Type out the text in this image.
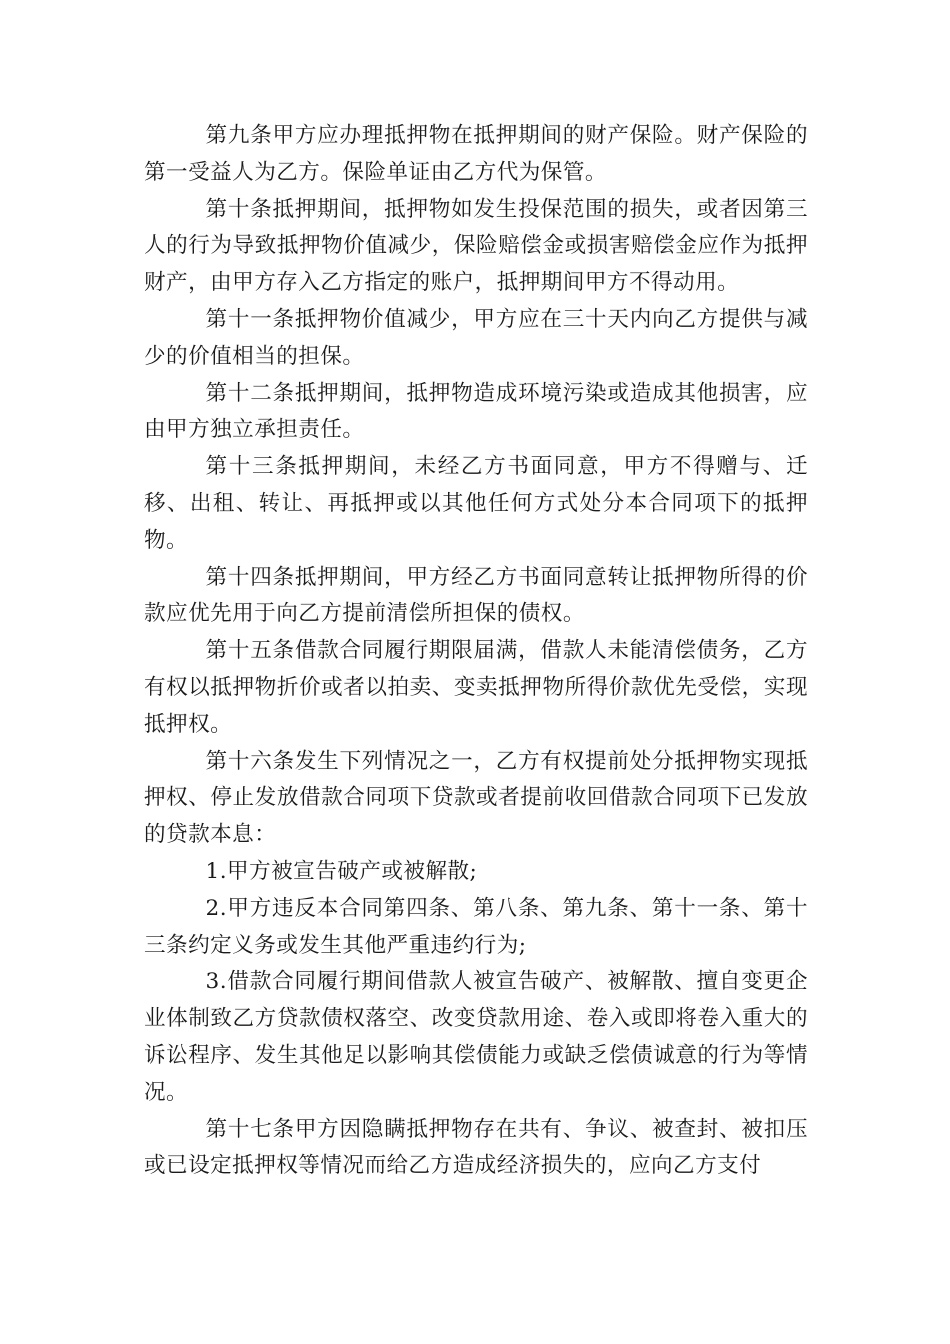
第九条甲方应办理抵押物在抵押期间的财产保险。财产保险的第一受益人为乙方。保险单证由乙方代为保管。

第十条抵押期间，抵押物如发生投保范围的损失，或者因第三人的行为导致抵押物价值减少，保险赔偿金或损害赔偿金应作为抵押财产，由甲方存入乙方指定的账户，抵押期间甲方不得动用。

第十一条抵押物价值减少，甲方应在三十天内向乙方提供与减少的价值相当的担保。

第十二条抵押期间，抵押物造成环境污染或造成其他损害，应由甲方独立承担责任。

第十三条抵押期间，未经乙方书面同意，甲方不得赠与、迁移、出租、转让、再抵押或以其他任何方式处分本合同项下的抵押物。

第十四条抵押期间，甲方经乙方书面同意转让抵押物所得的价款应优先用于向乙方提前清偿所担保的债权。

第十五条借款合同履行期限届满，借款人未能清偿债务，乙方有权以抵押物折价或者以拍卖、变卖抵押物所得价款优先受偿，实现抵押权。

第十六条发生下列情况之一，乙方有权提前处分抵押物实现抵押权、停止发放借款合同项下贷款或者提前收回借款合同项下已发放的贷款本息：

1.甲方被宣告破产或被解散;

2.甲方违反本合同第四条、第八条、第九条、第十一条、第十三条约定义务或发生其他严重违约行为;

3.借款合同履行期间借款人被宣告破产、被解散、擅自变更企业体制致乙方贷款债权落空、改变贷款用途、卷入或即将卷入重大的诉讼程序、发生其他足以影响其偿债能力或缺乏偿债诚意的行为等情况。

第十七条甲方因隐瞒抵押物存在共有、争议、被查封、被扣压或已设定抵押权等情况而给乙方造成经济损失的，应向乙方支付
